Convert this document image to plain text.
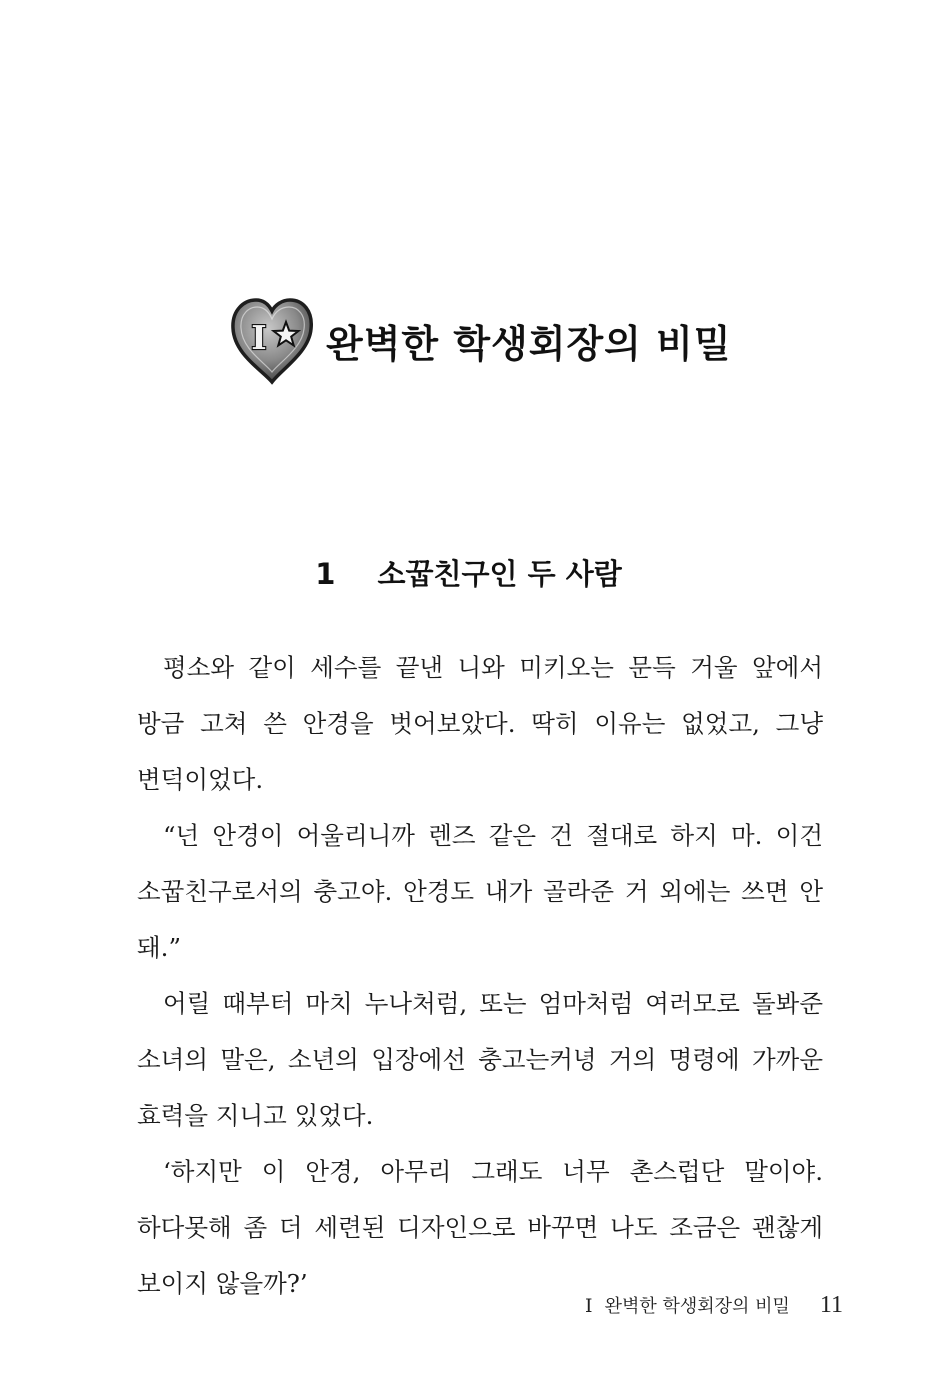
I 완벽한 학생회장의 비밀
1 소꿉친구인 두 사람

평소와 같이 세수를 끝낸 니와 미키오는 문득 거울 앞에서 방금 고쳐 쓴 안경을 벗어보았다. 딱히 이유는 없었고, 그냥 변덕이었다.

“넌 안경이 어울리니까 렌즈 같은 건 절대로 하지 마. 이건 소꿉친구로서의 충고야. 안경도 내가 골라준 거 외에는 쓰면 안 돼.”

어릴 때부터 마치 누나처럼, 또는 엄마처럼 여러모로 돌봐준 소녀의 말은, 소년의 입장에선 충고는커녕 거의 명령에 가까운 효력을 지니고 있었다.

‘하지만 이 안경, 아무리 그래도 너무 촌스럽단 말이야. 하다못해 좀 더 세련된 디자인으로 바꾸면 나도 조금은 괜찮게 보이지 않을까?’

I 완벽한 학생회장의 비밀 11
